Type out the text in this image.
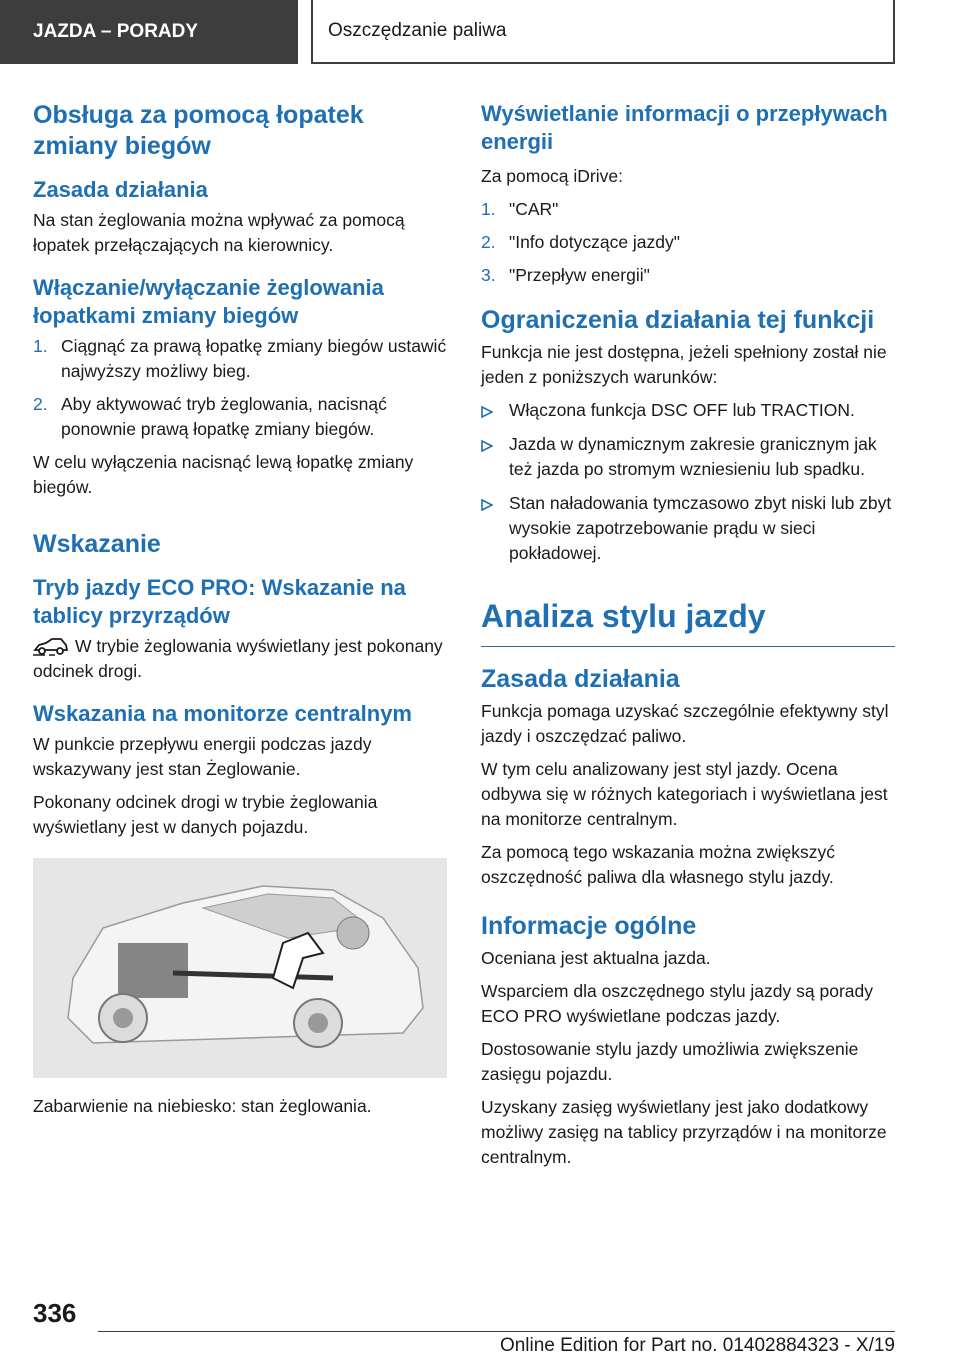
JAZDA – PORADY	Oszczędzanie paliwa
Obsługa za pomocą łopatek zmiany biegów
Zasada działania

Na stan żeglowania można wpływać za pomocą łopatek przełączających na kierownicy.

Włączanie/wyłączanie żeglowania łopatkami zmiany biegów
1. Ciągnąć za prawą łopatkę zmiany biegów ustawić najwyższy możliwy bieg.
2. Aby aktywować tryb żeglowania, nacisnąć ponownie prawą łopatkę zmiany biegów.

W celu wyłączenia nacisnąć lewą łopatkę zmiany biegów.

Wskazanie
Tryb jazdy ECO PRO: Wskazanie na tablicy przyrządów

W trybie żeglowania wyświetlany jest pokonany odcinek drogi.

Wskazania na monitorze centralnym

W punkcie przepływu energii podczas jazdy wskazywany jest stan Żeglowanie.

Pokonany odcinek drogi w trybie żeglowania wyświetlany jest w danych pojazdu.

Zabarwienie na niebiesko: stan żeglowania.

Wyświetlanie informacji o przepływach energii

Za pomocą iDrive:

1. "CAR"
2. "Info dotyczące jazdy"
3. "Przepływ energii"
Ograniczenia działania tej funkcji

Funkcja nie jest dostępna, jeżeli spełniony został nie jeden z poniższych warunków:

Włączona funkcja DSC OFF lub TRACTION.
Jazda w dynamicznym zakresie granicznym jak też jazda po stromym wzniesieniu lub spadku.
Stan naładowania tymczasowo zbyt niski lub zbyt wysokie zapotrzebowanie prądu w sieci pokładowej.
Analiza stylu jazdy
Zasada działania

Funkcja pomaga uzyskać szczególnie efektywny styl jazdy i oszczędzać paliwo.

W tym celu analizowany jest styl jazdy. Ocena odbywa się w różnych kategoriach i wyświetlana jest na monitorze centralnym.

Za pomocą tego wskazania można zwiększyć oszczędność paliwa dla własnego stylu jazdy.

Informacje ogólne

Oceniana jest aktualna jazda.

Wsparciem dla oszczędnego stylu jazdy są porady ECO PRO wyświetlane podczas jazdy.

Dostosowanie stylu jazdy umożliwia zwiększenie zasięgu pojazdu.

Uzyskany zasięg wyświetlany jest jako dodatkowy możliwy zasięg na tablicy przyrządów i na monitorze centralnym.

336
Online Edition for Part no. 01402884323 - X/19
